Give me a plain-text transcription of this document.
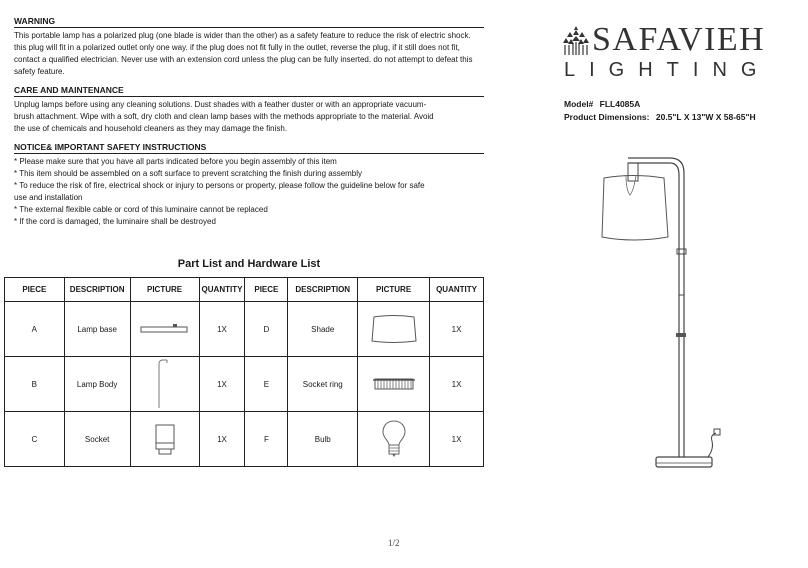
WARNING

This portable lamp has a polarized plug (one blade is wider than the other) as a safety feature to reduce the risk of electric shock.
this plug will fit in a polarized outlet only one way. if the plug does not fit fully in the outlet, reverse the plug, if it still does not fit,
contact a qualified electrician. Never use with an extension cord unless the plug can be fully inserted. do not attempt to defeat this
safety feature.

CARE AND MAINTENANCE

Unplug lamps before using any cleaning solutions. Dust shades with a feather duster or with an appropriate vacuum-
brush attachment. Wipe with a soft, dry cloth and clean lamp bases with the methods appropriate to the material. Avoid
the use of chemicals and household cleaners as they may damage the finish.

NOTICE& IMPORTANT SAFETY INSTRUCTIONS

* Please make sure that you have all parts indicated before you begin assembly of this item
* This item should be assembled on a soft surface to prevent scratching the finish during assembly
* To reduce the risk of fire, electrical shock or injury to persons or property, please follow the guideline below for safe
use and installation
* The external flexible cable or cord of this luminaire cannot be replaced
* If the cord is damaged, the luminaire shall be destroyed
Part List and Hardware List
PIECE	DESCRIPTION	PICTURE	QUANTITY	PIECE	DESCRIPTION	PICTURE	QUANTITY
A	Lamp base		1X	D	Shade		1X
B	Lamp Body		1X	E	Socket ring		1X
C	Socket		1X	F	Bulb		1X
SAFAVIEH
LIGHTING
Model# FLL4085A
Product Dimensions: 20.5"L X 13"W X 58-65"H
1/2
